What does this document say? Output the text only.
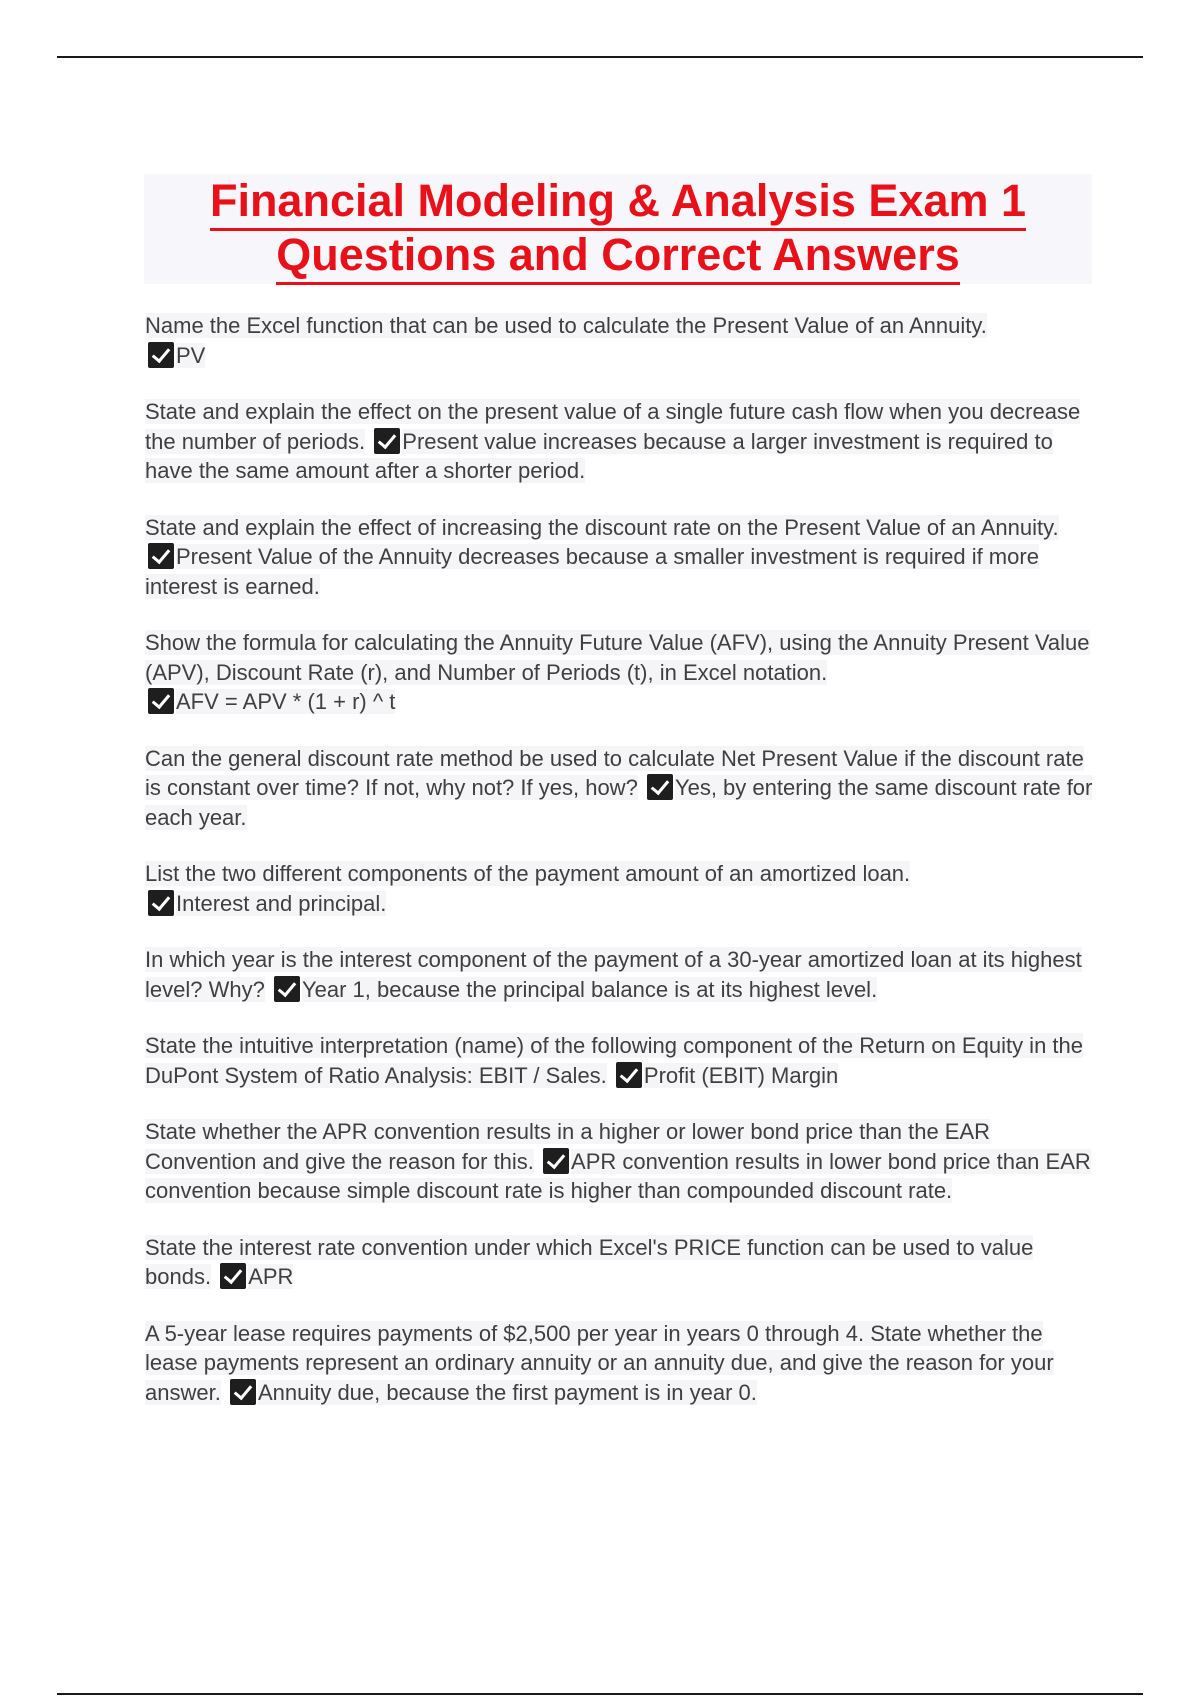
Financial Modeling & Analysis Exam 1
Questions and Correct Answers

Name the Excel function that can be used to calculate the Present Value of an Annuity.
PV

State and explain the effect on the present value of a single future cash flow when you decrease the number of periods. Present value increases because a larger investment is required to have the same amount after a shorter period.

State and explain the effect of increasing the discount rate on the Present Value of an Annuity. Present Value of the Annuity decreases because a smaller investment is required if more interest is earned.

Show the formula for calculating the Annuity Future Value (AFV), using the Annuity Present Value (APV), Discount Rate (r), and Number of Periods (t), in Excel notation.
AFV = APV * (1 + r) ^ t

Can the general discount rate method be used to calculate Net Present Value if the discount rate is constant over time? If not, why not? If yes, how? Yes, by entering the same discount rate for each year.

List the two different components of the payment amount of an amortized loan.
Interest and principal.

In which year is the interest component of the payment of a 30-year amortized loan at its highest level? Why? Year 1, because the principal balance is at its highest level.

State the intuitive interpretation (name) of the following component of the Return on Equity in the DuPont System of Ratio Analysis: EBIT / Sales. Profit (EBIT) Margin

State whether the APR convention results in a higher or lower bond price than the EAR Convention and give the reason for this. APR convention results in lower bond price than EAR convention because simple discount rate is higher than compounded discount rate.

State the interest rate convention under which Excel's PRICE function can be used to value bonds. APR

A 5-year lease requires payments of $2,500 per year in years 0 through 4. State whether the lease payments represent an ordinary annuity or an annuity due, and give the reason for your answer. Annuity due, because the first payment is in year 0.
